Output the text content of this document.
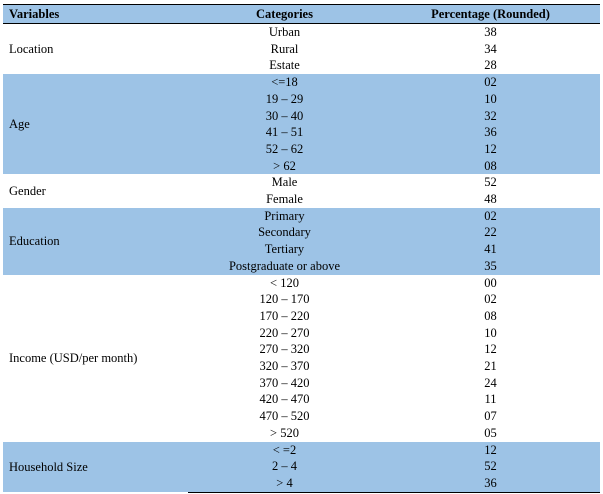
Variables	Categories	Percentage (Rounded)
Location	Urban	38
	Rural	34
	Estate	28
Age	<=18	02
	19 – 29	10
	30 – 40	32
	41 – 51	36
	52 – 62	12
	> 62	08
Gender	Male	52
	Female	48
Education	Primary	02
	Secondary	22
	Tertiary	41
	Postgraduate or above	35
Income (USD/per month)	< 120	00
	120 – 170	02
	170 – 220	08
	220 – 270	10
	270 – 320	12
	320 – 370	21
	370 – 420	24
	420 – 470	11
	470 – 520	07
	> 520	05
Household Size	< =2	12
	2 – 4	52
	> 4	36
